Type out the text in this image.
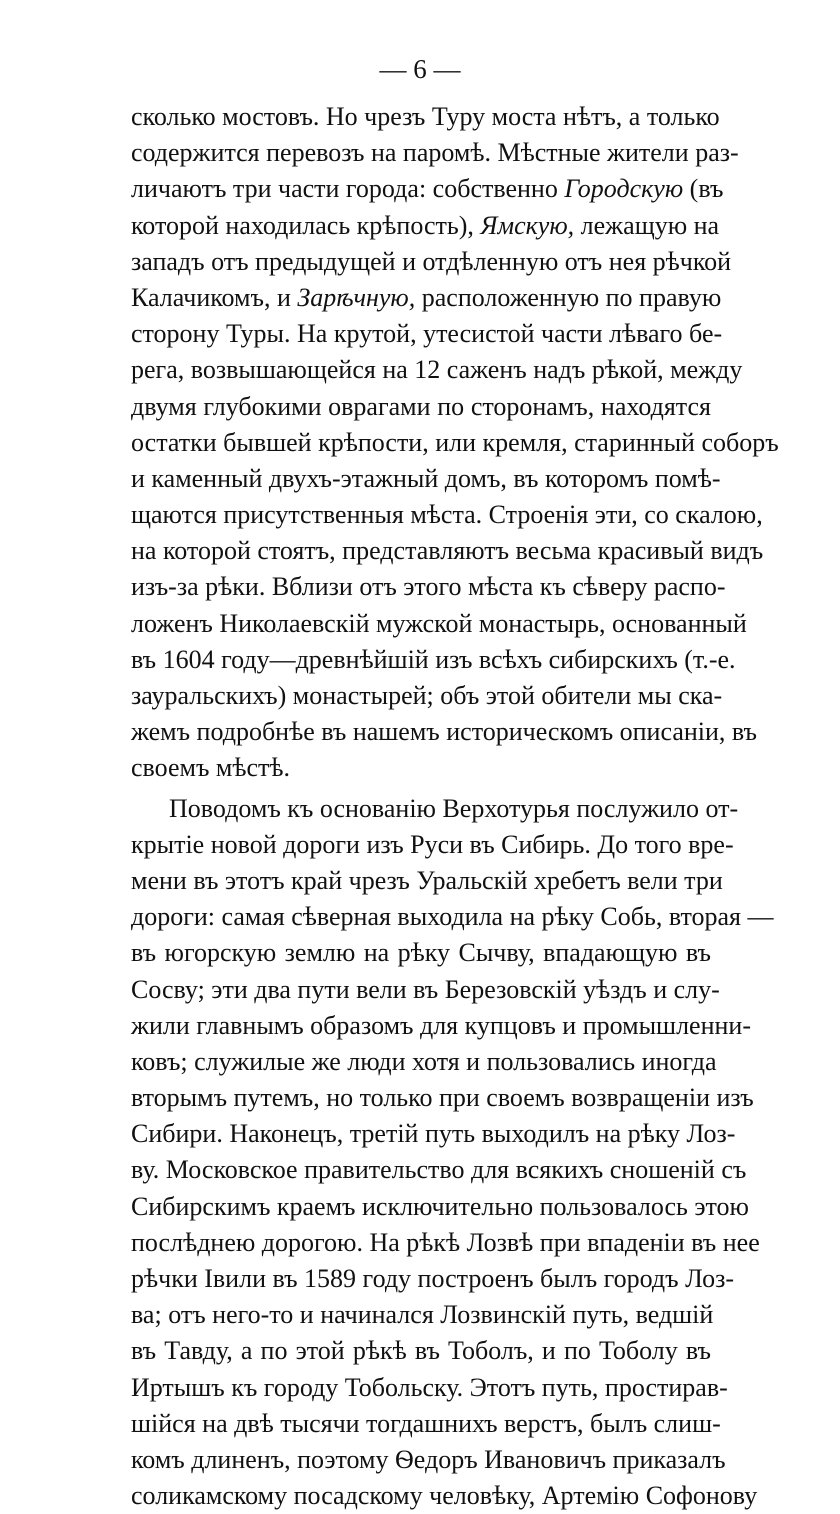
— 6 —
сколько мостовъ. Но чрезъ Туру моста нѣтъ, а только
содержится перевозъ на паромѣ. Мѣстные жители раз-
личаютъ три части города: собственно Городскую (въ
которой находилась крѣпость), Ямскую, лежащую на
западъ отъ предыдущей и отдѣленную отъ нея рѣчкой
Калачикомъ, и Зарѣчную, расположенную по правую
сторону Туры. На крутой, утесистой части лѣваго бе-
рега, возвышающейся на 12 саженъ надъ рѣкой, между
двумя глубокими оврагами по сторонамъ, находятся
остатки бывшей крѣпости, или кремля, старинный соборъ
и каменный двухъ-этажный домъ, въ которомъ помѣ-
щаются присутственныя мѣста. Строенія эти, со скалою,
на которой стоятъ, представляютъ весьма красивый видъ
изъ-за рѣки. Вблизи отъ этого мѣста къ сѣверу распо-
ложенъ Николаевскій мужской монастырь, основанный
въ 1604 году—древнѣйшій изъ всѣхъ сибирскихъ (т.-е.
зауральскихъ) монастырей; объ этой обители мы ска-
жемъ подробнѣе въ нашемъ историческомъ описаніи, въ
своемъ мѣстѣ.
Поводомъ къ основанію Верхотурья послужило от-
крытіе новой дороги изъ Руси въ Сибирь. До того вре-
мени въ этотъ край чрезъ Уральскій хребетъ вели три
дороги: самая сѣверная выходила на рѣку Собь, вторая —
въ югорскую землю на рѣку Сычву, впадающую въ
Сосву; эти два пути вели въ Березовскій уѣздъ и слу-
жили главнымъ образомъ для купцовъ и промышленни-
ковъ; служилые же люди хотя и пользовались иногда
вторымъ путемъ, но только при своемъ возвращеніи изъ
Сибири. Наконецъ, третій путь выходилъ на рѣку Лоз-
ву. Московское правительство для всякихъ сношеній съ
Сибирскимъ краемъ исключительно пользовалось этою
послѣднею дорогою. На рѣкѣ Лозвѣ при впаденіи въ нее
рѣчки Івили въ 1589 году построенъ былъ городъ Лоз-
ва; отъ него-то и начинался Лозвинскій путь, ведшій
въ Тавду, а по этой рѣкѣ въ Тоболъ, и по Тоболу въ
Иртышъ къ городу Тобольску. Этотъ путь, простирав-
шійся на двѣ тысячи тогдашнихъ верстъ, былъ слиш-
комъ длиненъ, поэтому Ѳедоръ Ивановичъ приказалъ
соликамскому посадскому человѣку, Артемію Софонову
